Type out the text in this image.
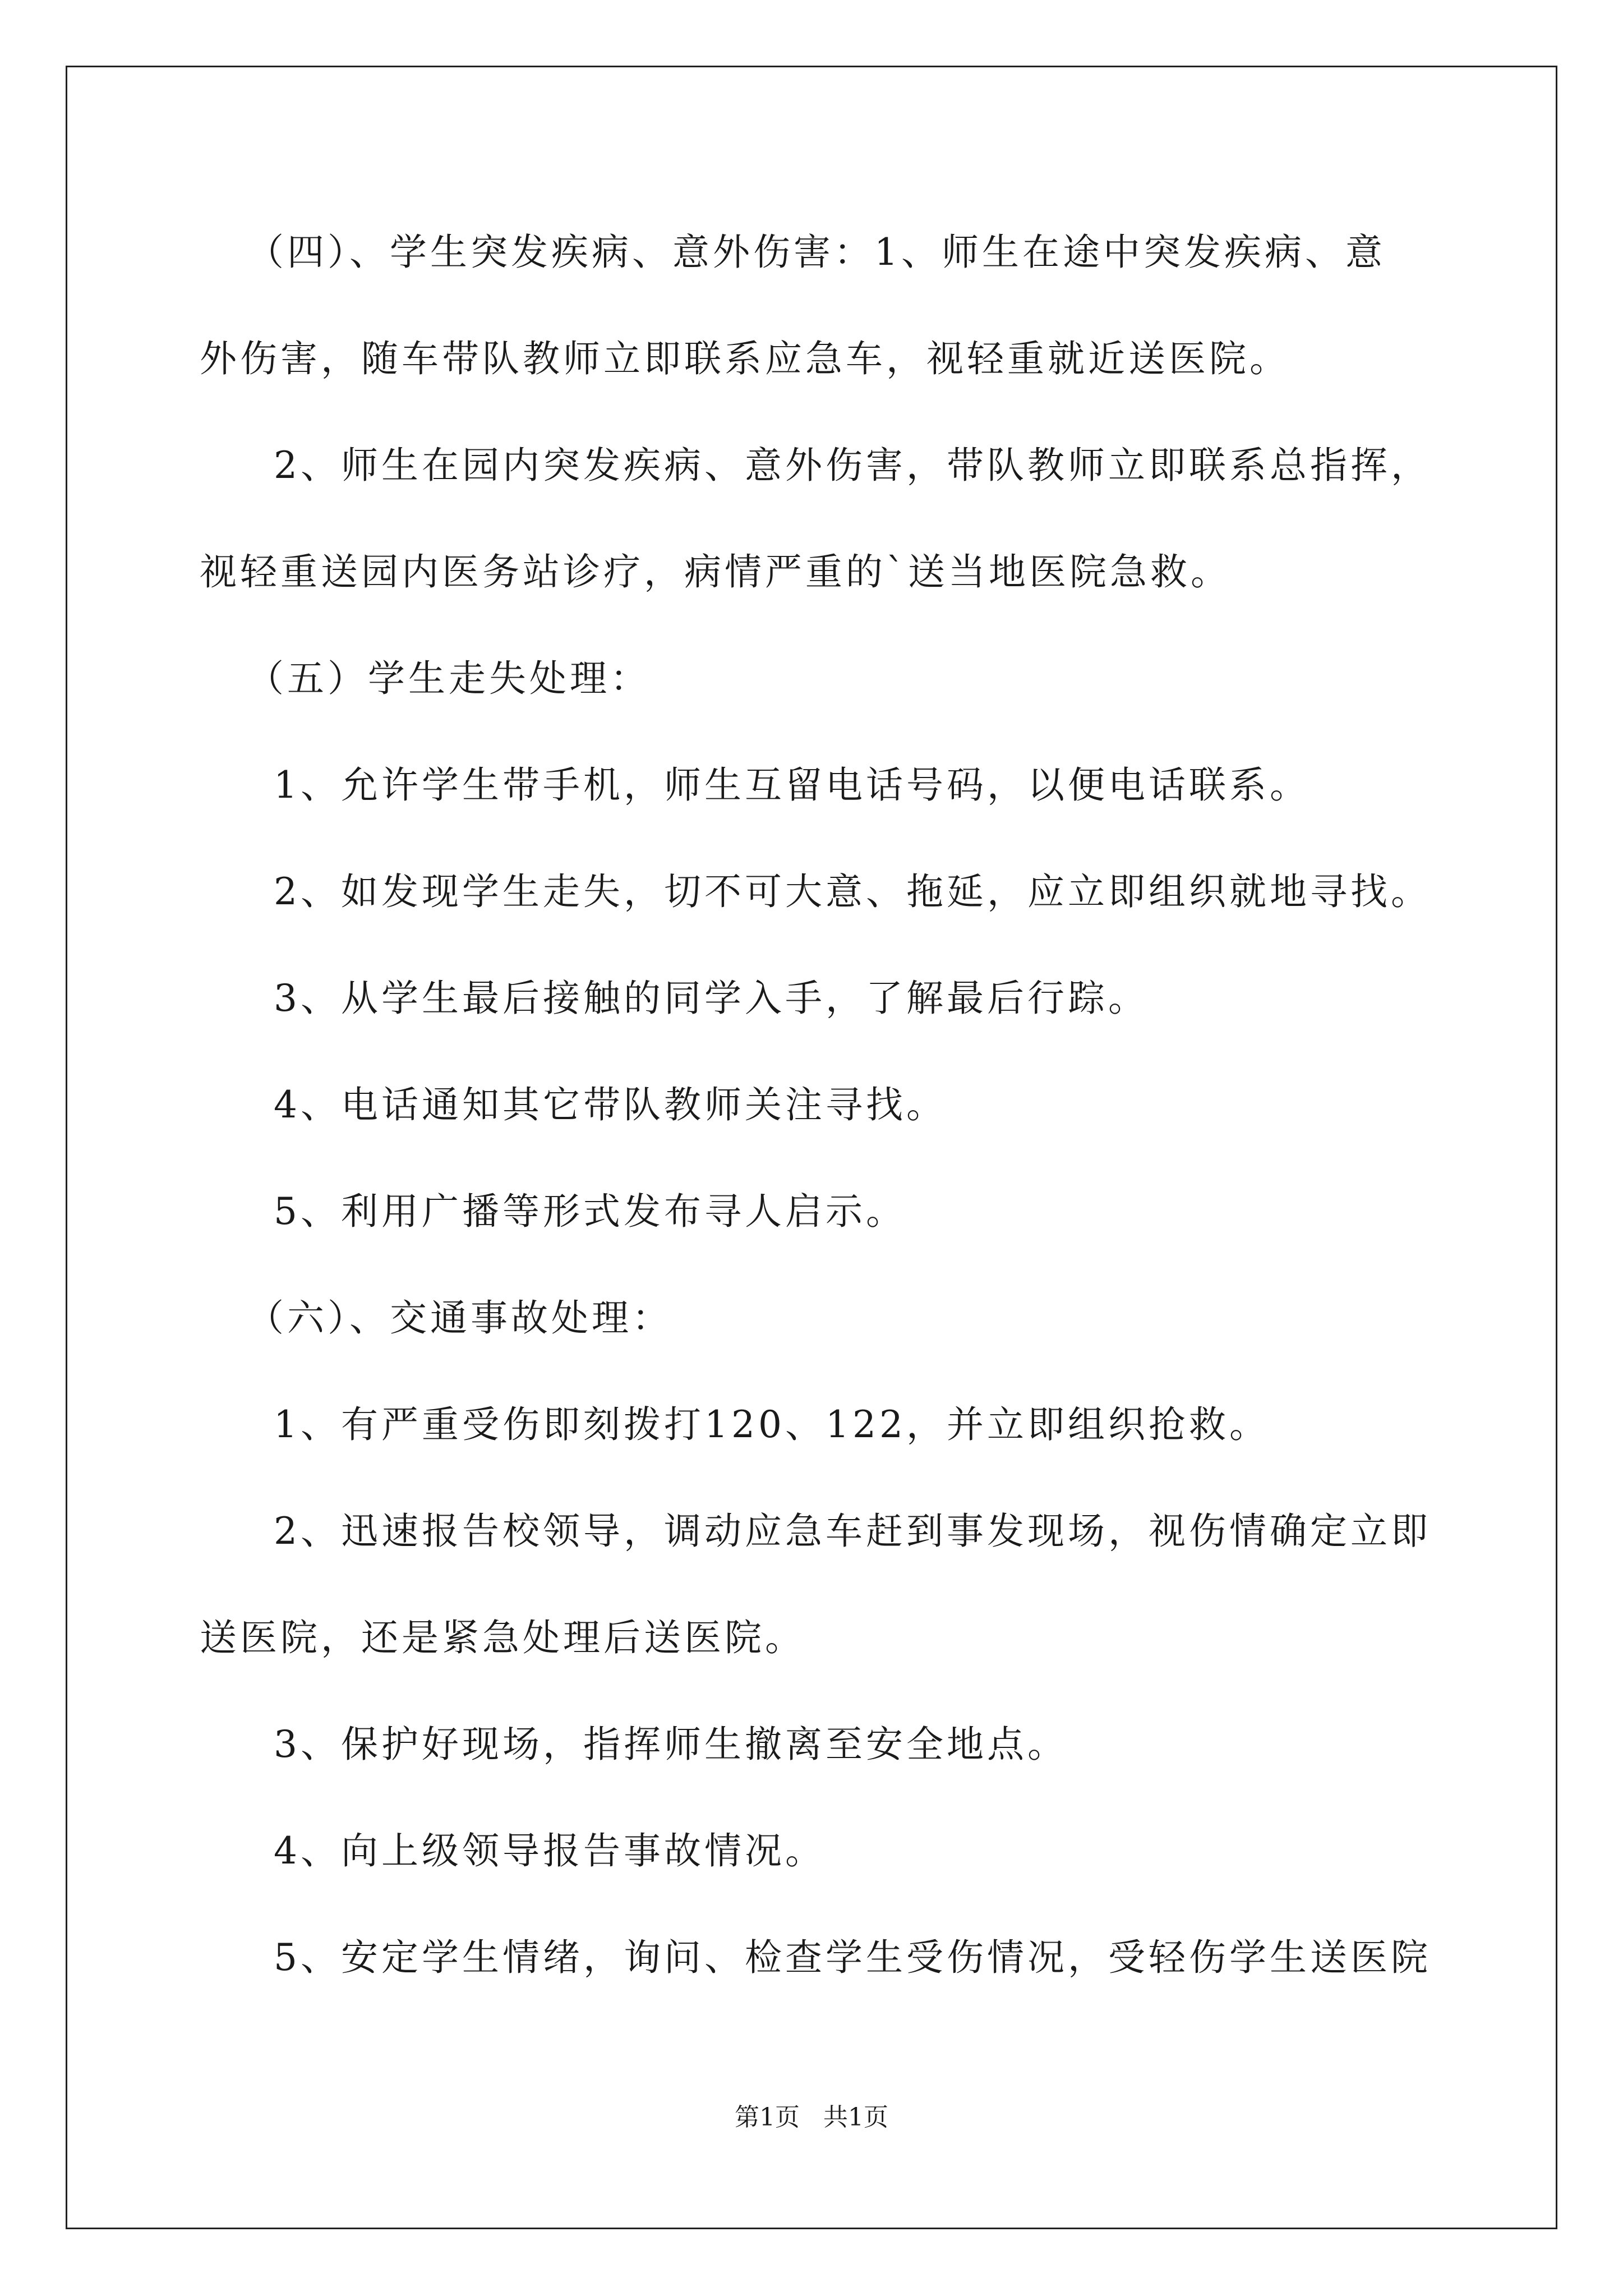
（四）、学生突发疾病、意外伤害：1、师生在途中突发疾病、意

外伤害，随车带队教师立即联系应急车，视轻重就近送医院。

2、师生在园内突发疾病、意外伤害，带队教师立即联系总指挥，

视轻重送园内医务站诊疗，病情严重的`送当地医院急救。

（五）学生走失处理：

1、允许学生带手机，师生互留电话号码，以便电话联系。

2、如发现学生走失，切不可大意、拖延，应立即组织就地寻找。

3、从学生最后接触的同学入手，了解最后行踪。

4、电话通知其它带队教师关注寻找。

5、利用广播等形式发布寻人启示。

（六）、交通事故处理：

1、有严重受伤即刻拨打120、122，并立即组织抢救。

2、迅速报告校领导，调动应急车赶到事发现场，视伤情确定立即

送医院，还是紧急处理后送医院。

3、保护好现场，指挥师生撤离至安全地点。

4、向上级领导报告事故情况。

5、安定学生情绪，询问、检查学生受伤情况，受轻伤学生送医院

第1页   共1页
